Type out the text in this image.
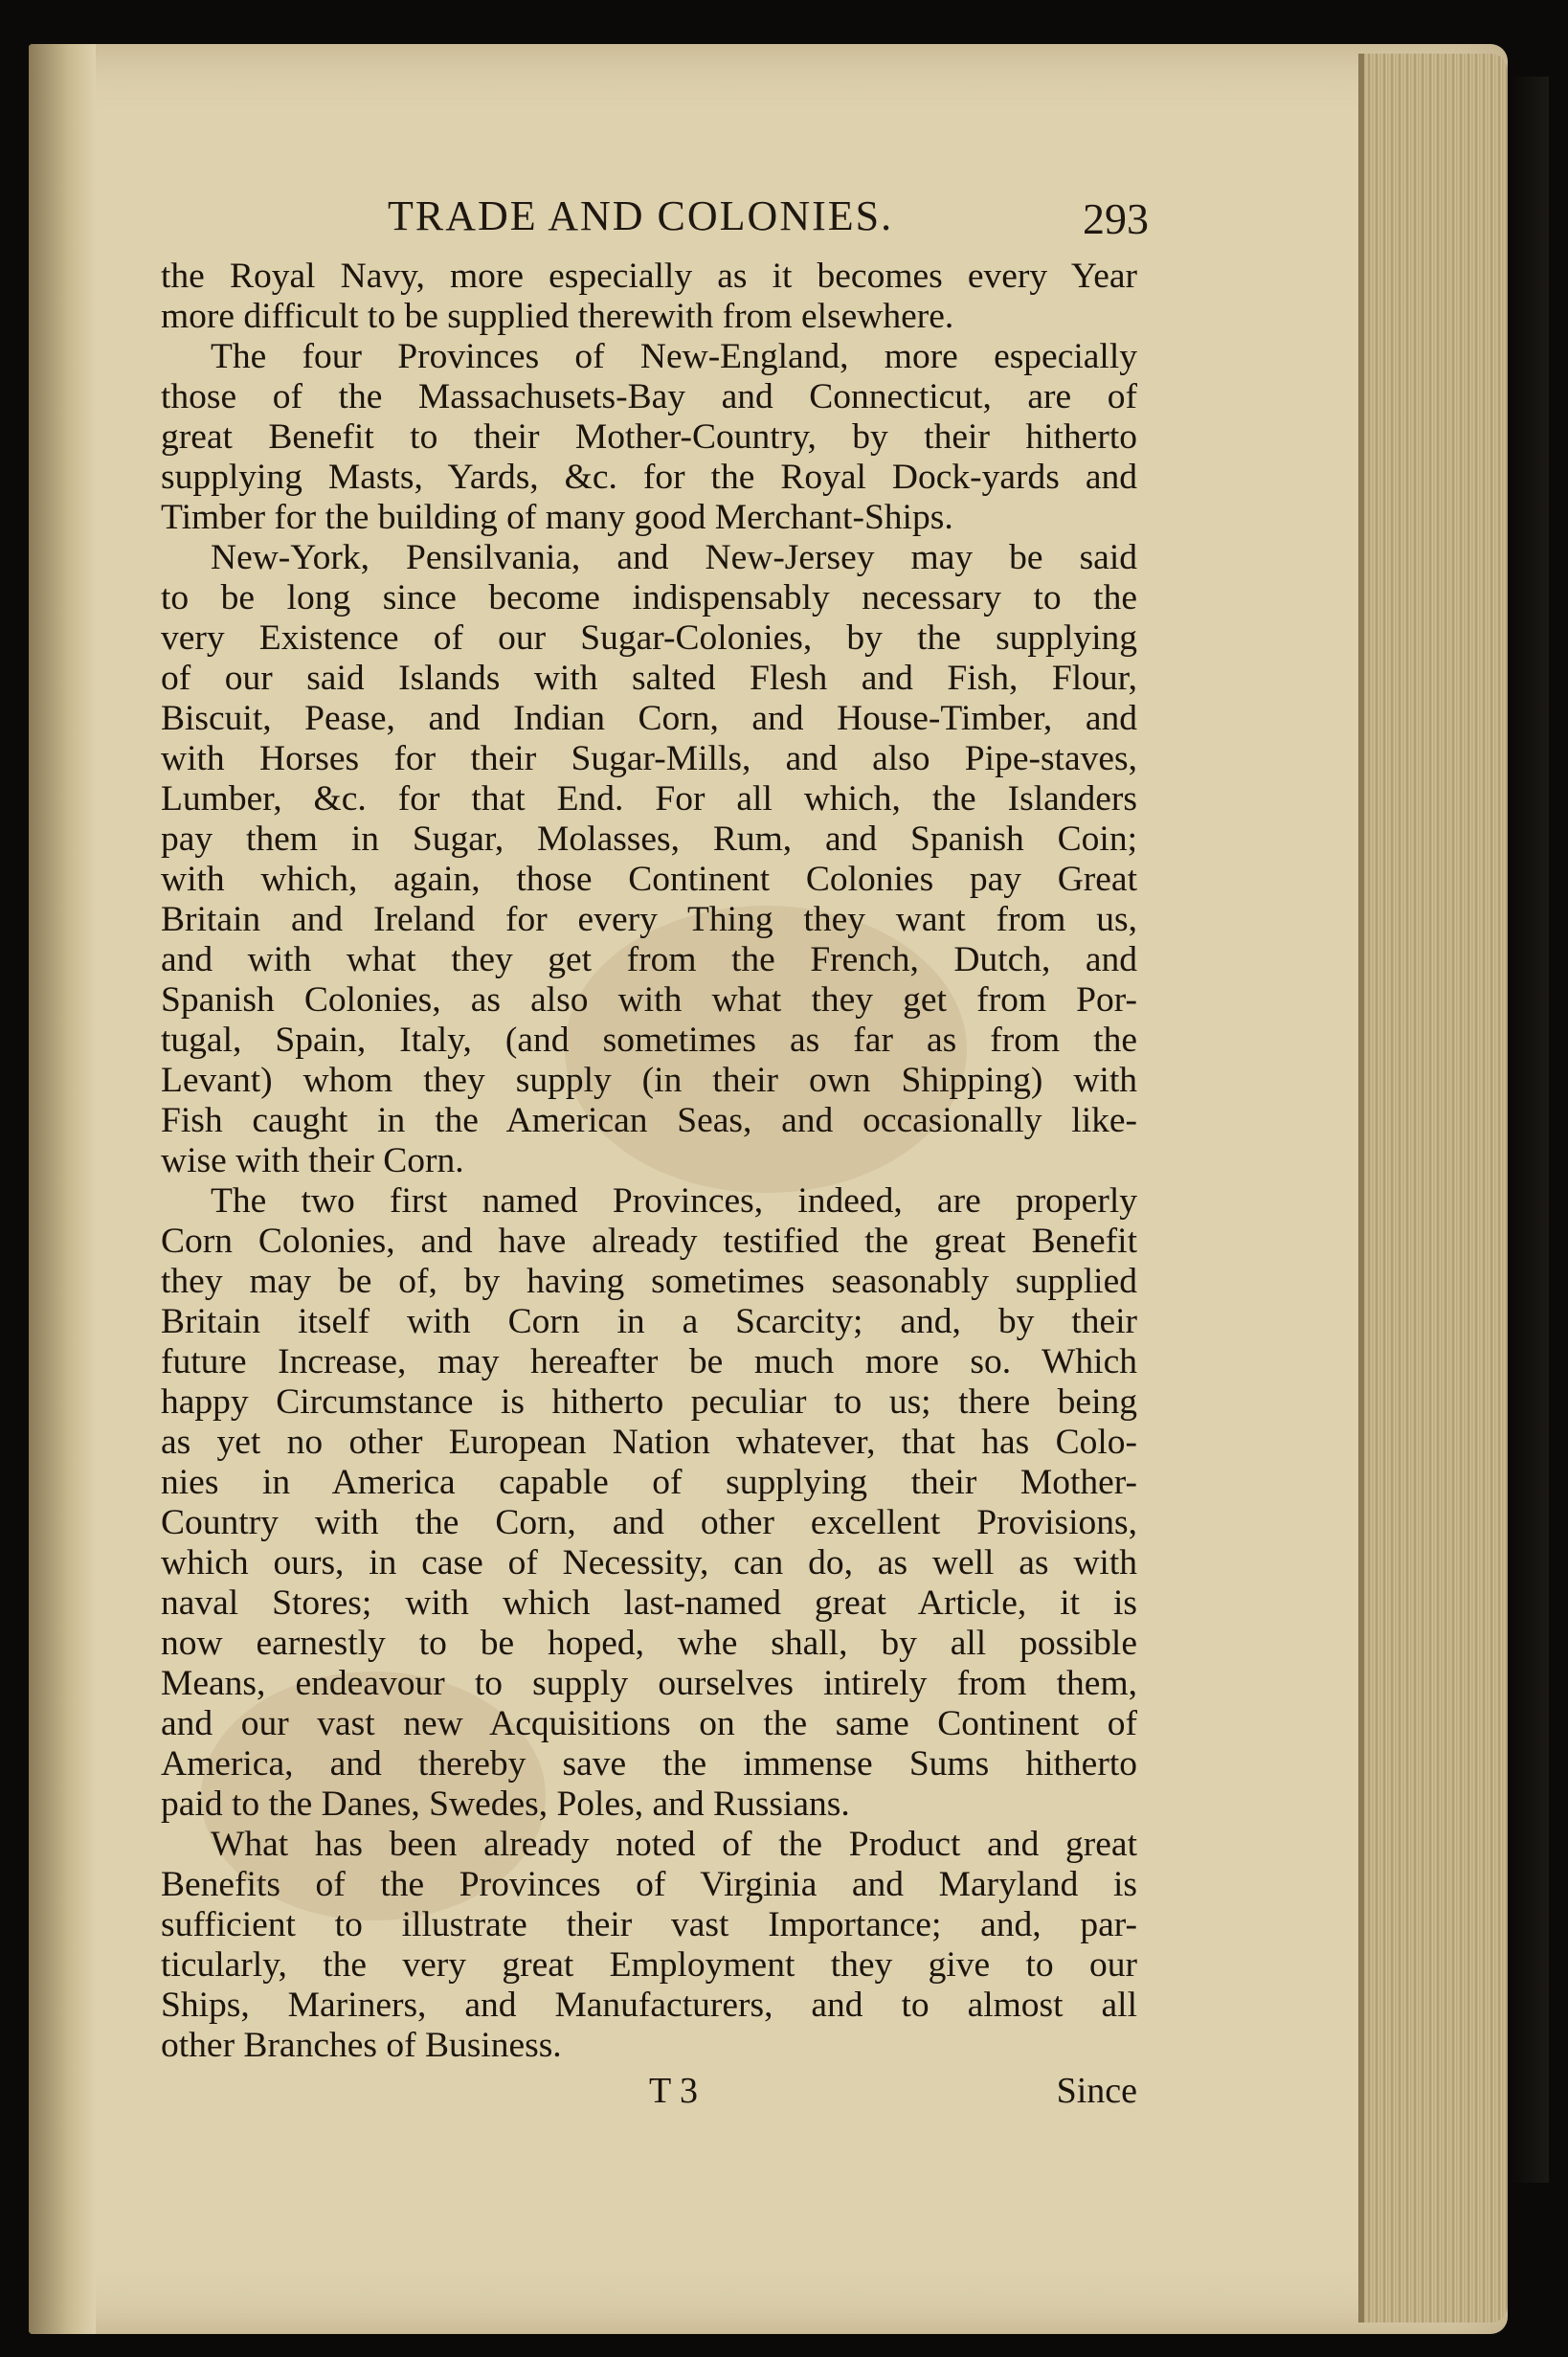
TRADE AND COLONIES.	293

the Royal Navy, more especially as it becomes every Year
more difficult to be supplied therewith from elsewhere.

The four Provinces of New-England, more especially
those of the Massachusets-Bay and Connecticut, are of
great Benefit to their Mother-Country, by their hitherto
supplying Masts, Yards, &c. for the Royal Dock-yards and
Timber for the building of many good Merchant-Ships.

New-York, Pensilvania, and New-Jersey may be said
to be long since become indispensably necessary to the
very Existence of our Sugar-Colonies, by the supplying
of our said Islands with salted Flesh and Fish, Flour,
Biscuit, Pease, and Indian Corn, and House-Timber, and
with Horses for their Sugar-Mills, and also Pipe-staves,
Lumber, &c. for that End. For all which, the Islanders
pay them in Sugar, Molasses, Rum, and Spanish Coin;
with which, again, those Continent Colonies pay Great
Britain and Ireland for every Thing they want from us,
and with what they get from the French, Dutch, and
Spanish Colonies, as also with what they get from Por-
tugal, Spain, Italy, (and sometimes as far as from the
Levant) whom they supply (in their own Shipping) with
Fish caught in the American Seas, and occasionally like-
wise with their Corn.

The two first named Provinces, indeed, are properly
Corn Colonies, and have already testified the great Benefit
they may be of, by having sometimes seasonably supplied
Britain itself with Corn in a Scarcity; and, by their
future Increase, may hereafter be much more so. Which
happy Circumstance is hitherto peculiar to us; there being
as yet no other European Nation whatever, that has Colo-
nies in America capable of supplying their Mother-
Country with the Corn, and other excellent Provisions,
which ours, in case of Necessity, can do, as well as with
naval Stores; with which last-named great Article, it is
now earnestly to be hoped, whe shall, by all possible
Means, endeavour to supply ourselves intirely from them,
and our vast new Acquisitions on the same Continent of
America, and thereby save the immense Sums hitherto
paid to the Danes, Swedes, Poles, and Russians.

What has been already noted of the Product and great
Benefits of the Provinces of Virginia and Maryland is
sufficient to illustrate their vast Importance; and, par-
ticularly, the very great Employment they give to our
Ships, Mariners, and Manufacturers, and to almost all
other Branches of Business.

T 3	Since
